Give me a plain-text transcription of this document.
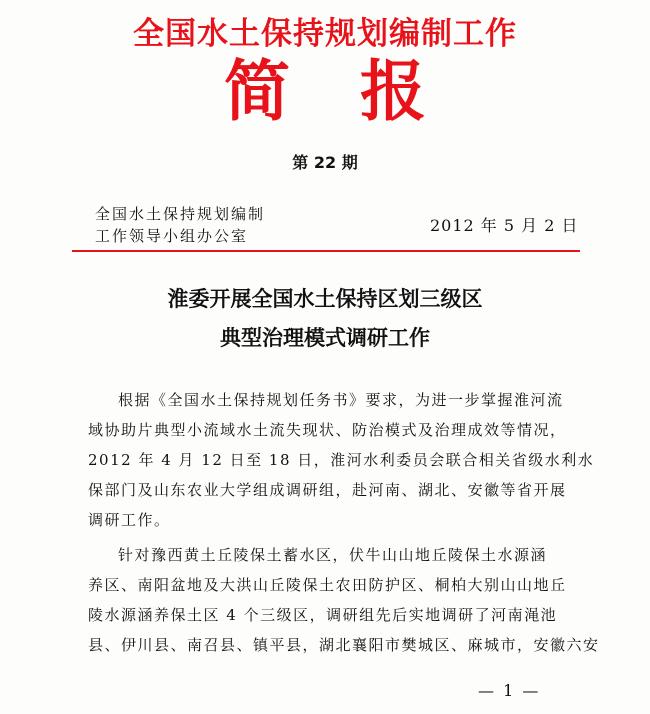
全国水土保持规划编制工作
简 报
第 22 期
全国水土保持规划编制
工作领导小组办公室
2012 年 5 月 2 日
淮委开展全国水土保持区划三级区
典型治理模式调研工作

根据《全国水土保持规划任务书》要求，为进一步掌握淮河流
域协助片典型小流域水土流失现状、防治模式及治理成效等情况，
2012 年 4 月 12 日至 18 日，淮河水利委员会联合相关省级水利水
保部门及山东农业大学组成调研组，赴河南、湖北、安徽等省开展
调研工作。

针对豫西黄土丘陵保土蓄水区，伏牛山山地丘陵保土水源涵
养区、南阳盆地及大洪山丘陵保土农田防护区、桐柏大别山山地丘
陵水源涵养保土区 4 个三级区，调研组先后实地调研了河南渑池
县、伊川县、南召县、镇平县，湖北襄阳市樊城区、麻城市，安徽六安

— 1 —
